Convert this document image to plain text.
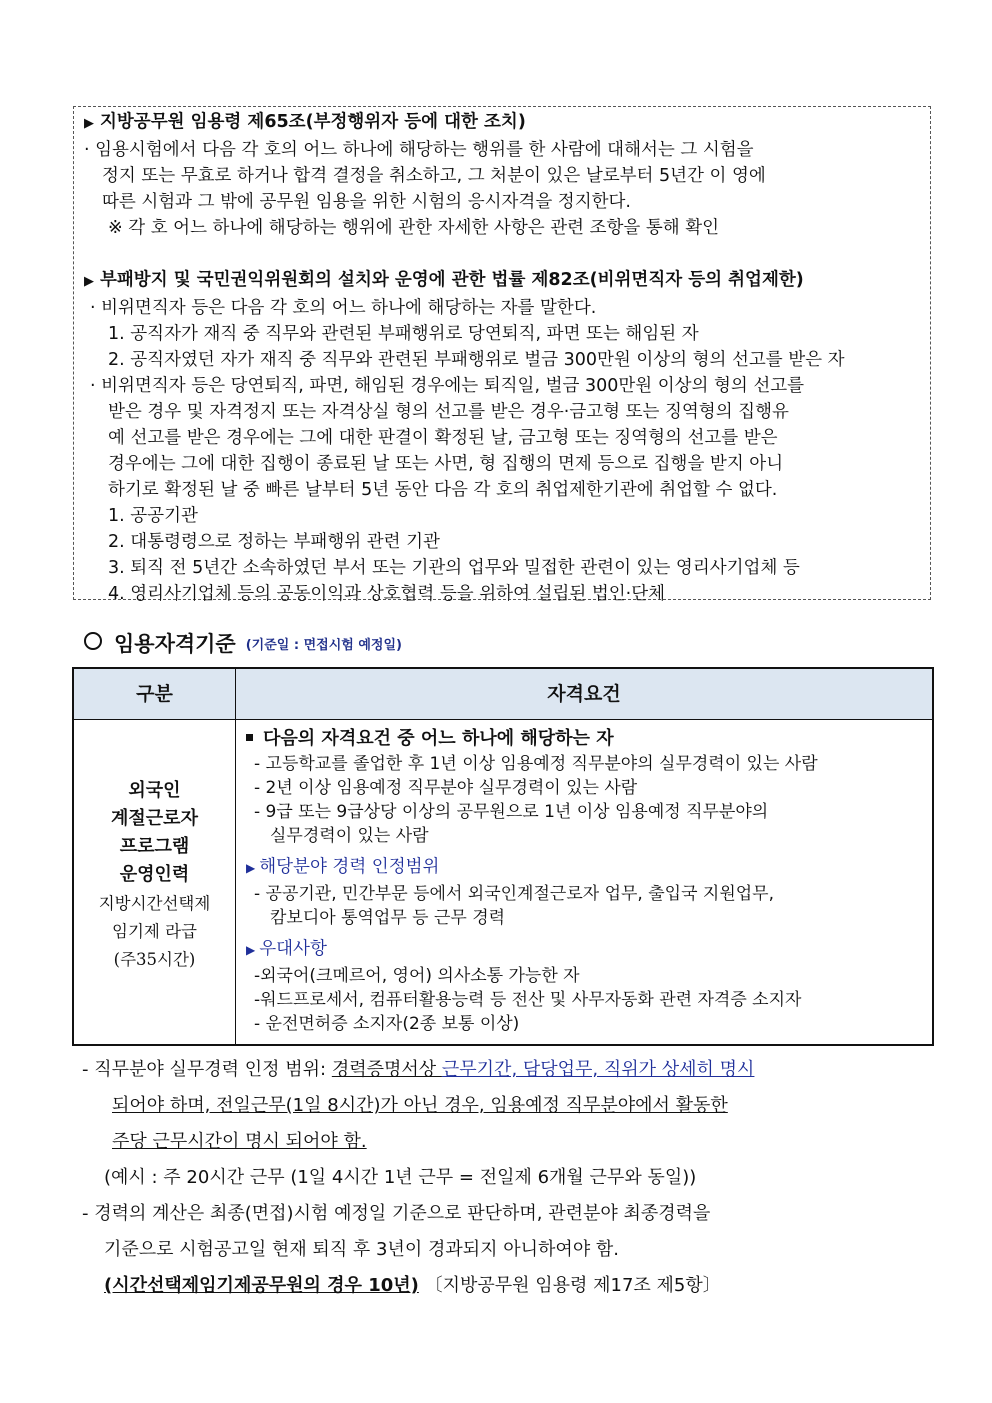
▶ 지방공무원 임용령 제65조(부정행위자 등에 대한 조치)
· 임용시험에서 다음 각 호의 어느 하나에 해당하는 행위를 한 사람에 대해서는 그 시험을
정지 또는 무효로 하거나 합격 결정을 취소하고, 그 처분이 있은 날로부터 5년간 이 영에
따른 시험과 그 밖에 공무원 임용을 위한 시험의 응시자격을 정지한다.
※ 각 호 어느 하나에 해당하는 행위에 관한 자세한 사항은 관련 조항을 통해 확인
▶ 부패방지 및 국민권익위원회의 설치와 운영에 관한 법률 제82조(비위면직자 등의 취업제한)
· 비위면직자 등은 다음 각 호의 어느 하나에 해당하는 자를 말한다.
1. 공직자가 재직 중 직무와 관련된 부패행위로 당연퇴직, 파면 또는 해임된 자
2. 공직자였던 자가 재직 중 직무와 관련된 부패행위로 벌금 300만원 이상의 형의 선고를 받은 자
· 비위면직자 등은 당연퇴직, 파면, 해임된 경우에는 퇴직일, 벌금 300만원 이상의 형의 선고를
받은 경우 및 자격정지 또는 자격상실 형의 선고를 받은 경우·금고형 또는 징역형의 집행유
예 선고를 받은 경우에는 그에 대한 판결이 확정된 날, 금고형 또는 징역형의 선고를 받은
경우에는 그에 대한 집행이 종료된 날 또는 사면, 형 집행의 면제 등으로 집행을 받지 아니
하기로 확정된 날 중 빠른 날부터 5년 동안 다음 각 호의 취업제한기관에 취업할 수 없다.
1. 공공기관
2. 대통령령으로 정하는 부패행위 관련 기관
3. 퇴직 전 5년간 소속하였던 부서 또는 기관의 업무와 밀접한 관련이 있는 영리사기업체 등
4. 영리사기업체 등의 공동이익과 상호협력 등을 위하여 설립된 법인·단체
임용자격기준 (기준일 : 면접시험 예정일)
구분	자격요건
외국인
계절근로자
프로그램
운영인력
지방시간선택제
임기제 라급
(주35시간)
다음의 자격요건 중 어느 하나에 해당하는 자
- 고등학교를 졸업한 후 1년 이상 임용예정 직무분야의 실무경력이 있는 사람
- 2년 이상 임용예정 직무분야 실무경력이 있는 사람
- 9급 또는 9급상당 이상의 공무원으로 1년 이상 임용예정 직무분야의
실무경력이 있는 사람
▶ 해당분야 경력 인정범위
- 공공기관, 민간부문 등에서 외국인계절근로자 업무, 출입국 지원업무,
캄보디아 통역업무 등 근무 경력
▶ 우대사항
-외국어(크메르어, 영어) 의사소통 가능한 자
-워드프로세서, 컴퓨터활용능력 등 전산 및 사무자동화 관련 자격증 소지자
- 운전면허증 소지자(2종 보통 이상)
- 직무분야 실무경력 인정 범위: 경력증명서상 근무기간, 담당업무, 직위가 상세히 명시
되어야 하며, 전일근무(1일 8시간)가 아닌 경우, 임용예정 직무분야에서 활동한
주당 근무시간이 명시 되어야 함.
(예시 : 주 20시간 근무 (1일 4시간 1년 근무 = 전일제 6개월 근무와 동일))
- 경력의 계산은 최종(면접)시험 예정일 기준으로 판단하며, 관련분야 최종경력을
기준으로 시험공고일 현재 퇴직 후 3년이 경과되지 아니하여야 함.
(시간선택제임기제공무원의 경우 10년) 〔지방공무원 임용령 제17조 제5항〕
